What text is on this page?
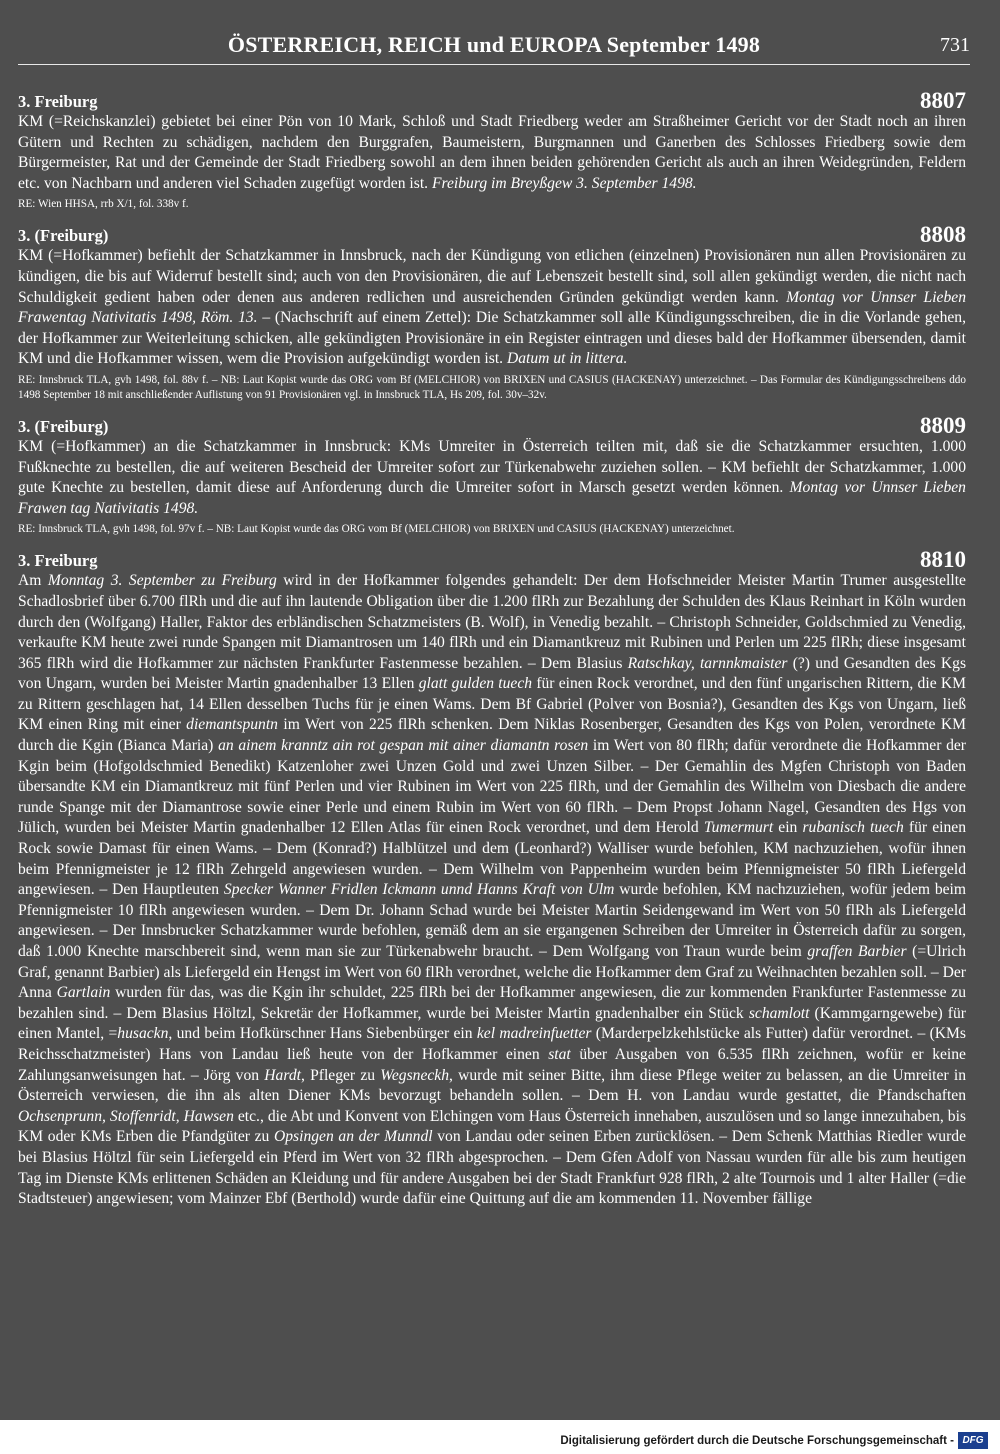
ÖSTERREICH, REICH und EUROPA September 1498	731
3. Freiburg	8807
KM (=Reichskanzlei) gebietet bei einer Pön von 10 Mark, Schloß und Stadt Friedberg weder am Straßheimer Gericht vor der Stadt noch an ihren Gütern und Rechten zu schädigen, nachdem den Burggrafen, Baumeistern, Burgmannen und Ganerben des Schlosses Friedberg sowie dem Bürgermeister, Rat und der Gemeinde der Stadt Friedberg sowohl an dem ihnen beiden gehörenden Gericht als auch an ihren Weidegründen, Feldern etc. von Nachbarn und anderen viel Schaden zugefügt worden ist. Freiburg im Breyßgew 3. September 1498.
RE: Wien HHSA, rrb X/1, fol. 338v f.
3. (Freiburg)	8808
KM (=Hofkammer) befiehlt der Schatzkammer in Innsbruck, nach der Kündigung von etlichen (einzelnen) Provisionären nun allen Provisionären zu kündigen, die bis auf Widerruf bestellt sind; auch von den Provisionären, die auf Lebenszeit bestellt sind, soll allen gekündigt werden, die nicht nach Schuldigkeit gedient haben oder denen aus anderen redlichen und ausreichenden Gründen gekündigt werden kann. Montag vor Unnser Lieben Frawentag Nativitatis 1498, Röm. 13. – (Nachschrift auf einem Zettel): Die Schatzkammer soll alle Kündigungsschreiben, die in die Vorlande gehen, der Hofkammer zur Weiterleitung schicken, alle gekündigten Provisionäre in ein Register eintragen und dieses bald der Hofkammer übersenden, damit KM und die Hofkammer wissen, wem die Provision aufgekündigt worden ist. Datum ut in littera.
RE: Innsbruck TLA, gvh 1498, fol. 88v f. – NB: Laut Kopist wurde das ORG vom Bf (MELCHIOR) von BRIXEN und CASIUS (HACKENAY) unterzeichnet. – Das Formular des Kündigungsschreibens ddo 1498 September 18 mit anschließender Auflistung von 91 Provisionären vgl. in Innsbruck TLA, Hs 209, fol. 30v–32v.
3. (Freiburg)	8809
KM (=Hofkammer) an die Schatzkammer in Innsbruck: KMs Umreiter in Österreich teilten mit, daß sie die Schatzkammer ersuchten, 1.000 Fußknechte zu bestellen, die auf weiteren Bescheid der Umreiter sofort zur Türkenabwehr zuziehen sollen. – KM befiehlt der Schatzkammer, 1.000 gute Knechte zu bestellen, damit diese auf Anforderung durch die Umreiter sofort in Marsch gesetzt werden können. Montag vor Unnser Lieben Frawen tag Nativitatis 1498.
RE: Innsbruck TLA, gvh 1498, fol. 97v f. – NB: Laut Kopist wurde das ORG vom Bf (MELCHIOR) von BRIXEN und CASIUS (HACKENAY) unterzeichnet.
3. Freiburg	8810
Am Monntag 3. September zu Freiburg wird in der Hofkammer folgendes gehandelt: Der dem Hofschneider Meister Martin Trumer ausgestellte Schadlosbrief über 6.700 flRh und die auf ihn lautende Obligation über die 1.200 flRh zur Bezahlung der Schulden des Klaus Reinhart in Köln wurden durch den (Wolfgang) Haller, Faktor des erbländischen Schatzmeisters (B. Wolf), in Venedig bezahlt. – Christoph Schneider, Goldschmied zu Venedig, verkaufte KM heute zwei runde Spangen mit Diamantrosen um 140 flRh und ein Diamantkreuz mit Rubinen und Perlen um 225 flRh; diese insgesamt 365 flRh wird die Hofkammer zur nächsten Frankfurter Fastenmesse bezahlen. – Dem Blasius Ratschkay, tarnnkmaister (?) und Gesandten des Kgs von Ungarn, wurden bei Meister Martin gnadenhalber 13 Ellen glatt gulden tuech für einen Rock verordnet, und den fünf ungarischen Rittern, die KM zu Rittern geschlagen hat, 14 Ellen desselben Tuchs für je einen Wams. Dem Bf Gabriel (Polver von Bosnia?), Gesandten des Kgs von Ungarn, ließ KM einen Ring mit einer diemantspuntn im Wert von 225 flRh schenken. Dem Niklas Rosenberger, Gesandten des Kgs von Polen, verordnete KM durch die Kgin (Bianca Maria) an ainem kranntz ain rot gespan mit ainer diamantn rosen im Wert von 80 flRh; dafür verordnete die Hofkammer der Kgin beim (Hofgoldschmied Benedikt) Katzenloher zwei Unzen Gold und zwei Unzen Silber. – Der Gemahlin des Mgfen Christoph von Baden übersandte KM ein Diamantkreuz mit fünf Perlen und vier Rubinen im Wert von 225 flRh, und der Gemahlin des Wilhelm von Diesbach die andere runde Spange mit der Diamantrose sowie einer Perle und einem Rubin im Wert von 60 flRh. – Dem Propst Johann Nagel, Gesandten des Hgs von Jülich, wurden bei Meister Martin gnadenhalber 12 Ellen Atlas für einen Rock verordnet, und dem Herold Tumermurt ein rubanisch tuech für einen Rock sowie Damast für einen Wams. – Dem (Konrad?) Halblützel und dem (Leonhard?) Walliser wurde befohlen, KM nachzuziehen, wofür ihnen beim Pfennigmeister je 12 flRh Zehrgeld angewiesen wurden. – Dem Wilhelm von Pappenheim wurden beim Pfennigmeister 50 flRh Liefergeld angewiesen. – Den Hauptleuten Specker Wanner Fridlen Ickmann unnd Hanns Kraft von Ulm wurde befohlen, KM nachzuziehen, wofür jedem beim Pfennigmeister 10 flRh angewiesen wurden. – Dem Dr. Johann Schad wurde bei Meister Martin Seidengewand im Wert von 50 flRh als Liefergeld angewiesen. – Der Innsbrucker Schatzkammer wurde befohlen, gemäß dem an sie ergangenen Schreiben der Umreiter in Österreich dafür zu sorgen, daß 1.000 Knechte marschbereit sind, wenn man sie zur Türkenabwehr braucht. – Dem Wolfgang von Traun wurde beim graffen Barbier (=Ulrich Graf, genannt Barbier) als Liefergeld ein Hengst im Wert von 60 flRh verordnet, welche die Hofkammer dem Graf zu Weihnachten bezahlen soll. – Der Anna Gartlain wurden für das, was die Kgin ihr schuldet, 225 flRh bei der Hofkammer angewiesen, die zur kommenden Frankfurter Fastenmesse zu bezahlen sind. – Dem Blasius Höltzl, Sekretär der Hofkammer, wurde bei Meister Martin gnadenhalber ein Stück schamlott (Kammgarngewebe) für einen Mantel, =husackn, und beim Hofkürschner Hans Siebenbürger ein kel madreinfuetter (Marderpelzkehlstücke als Futter) dafür verordnet. – (KMs Reichsschatzmeister) Hans von Landau ließ heute von der Hofkammer einen stat über Ausgaben von 6.535 flRh zeichnen, wofür er keine Zahlungsanweisungen hat. – Jörg von Hardt, Pfleger zu Wegsneckh, wurde mit seiner Bitte, ihm diese Pflege weiter zu belassen, an die Umreiter in Österreich verwiesen, die ihn als alten Diener KMs bevorzugt behandeln sollen. – Dem H. von Landau wurde gestattet, die Pfandschaften Ochsenprunn, Stoffenridt, Hawsen etc., die Abt und Konvent von Elchingen vom Haus Österreich innehaben, auszulösen und so lange innezuhaben, bis KM oder KMs Erben die Pfandgüter zu Opsingen an der Munndl von Landau oder seinen Erben zurücklösen. – Dem Schenk Matthias Riedler wurde bei Blasius Höltzl für sein Liefergeld ein Pferd im Wert von 32 flRh abgesprochen. – Dem Gfen Adolf von Nassau wurden für alle bis zum heutigen Tag im Dienste KMs erlittenen Schäden an Kleidung und für andere Ausgaben bei der Stadt Frankfurt 928 flRh, 2 alte Tournois und 1 alter Haller (=die Stadtsteuer) angewiesen; vom Mainzer Ebf (Berthold) wurde dafür eine Quittung auf die am kommenden 11. November fällige
Digitalisierung gefördert durch die Deutsche Forschungsgemeinschaft - DFG
